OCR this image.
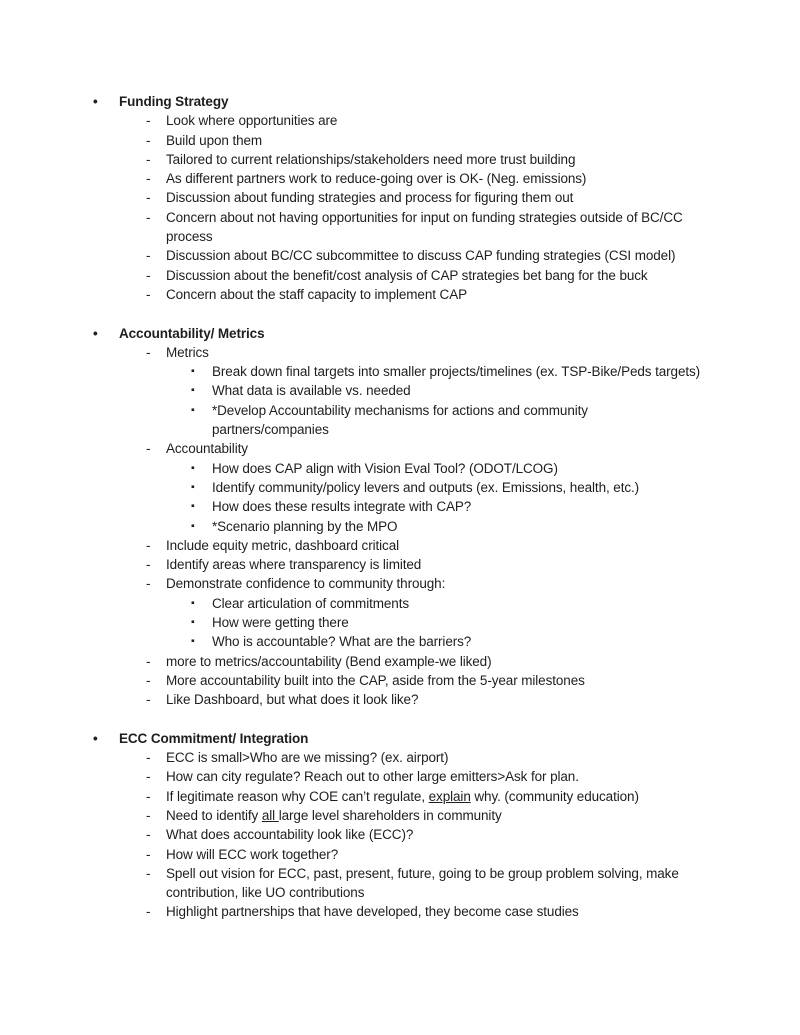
•	Funding Strategy
-	Look where opportunities are
-	Build upon them
-	Tailored to current relationships/stakeholders need more trust building
-	As different partners work to reduce-going over is OK- (Neg. emissions)
-	Discussion about funding strategies and process for figuring them out
-	Concern about not having opportunities for input on funding strategies outside of BC/CC
process
-	Discussion about BC/CC subcommittee to discuss CAP funding strategies (CSI model)
-	Discussion about the benefit/cost analysis of CAP strategies bet bang for the buck
-	Concern about the staff capacity to implement CAP
•	Accountability/ Metrics
-	Metrics
▪	Break down final targets into smaller projects/timelines (ex. TSP-Bike/Peds targets)
▪	What data is available vs. needed
▪	*Develop Accountability mechanisms for actions and community
partners/companies
-	Accountability
▪	How does CAP align with Vision Eval Tool? (ODOT/LCOG)
▪	Identify community/policy levers and outputs (ex. Emissions, health, etc.)
▪	How does these results integrate with CAP?
▪	*Scenario planning by the MPO
-	Include equity metric, dashboard critical
-	Identify areas where transparency is limited
-	Demonstrate confidence to community through:
▪	Clear articulation of commitments
▪	How were getting there
▪	Who is accountable? What are the barriers?
-	more to metrics/accountability (Bend example-we liked)
-	More accountability built into the CAP, aside from the 5-year milestones
-	Like Dashboard, but what does it look like?
•	ECC Commitment/ Integration
-	ECC is small>Who are we missing? (ex. airport)
-	How can city regulate? Reach out to other large emitters>Ask for plan.
-	If legitimate reason why COE can’t regulate, explain why. (community education)
-	Need to identify all large level shareholders in community
-	What does accountability look like (ECC)?
-	How will ECC work together?
-	Spell out vision for ECC, past, present, future, going to be group problem solving, make
contribution, like UO contributions
-	Highlight partnerships that have developed, they become case studies
